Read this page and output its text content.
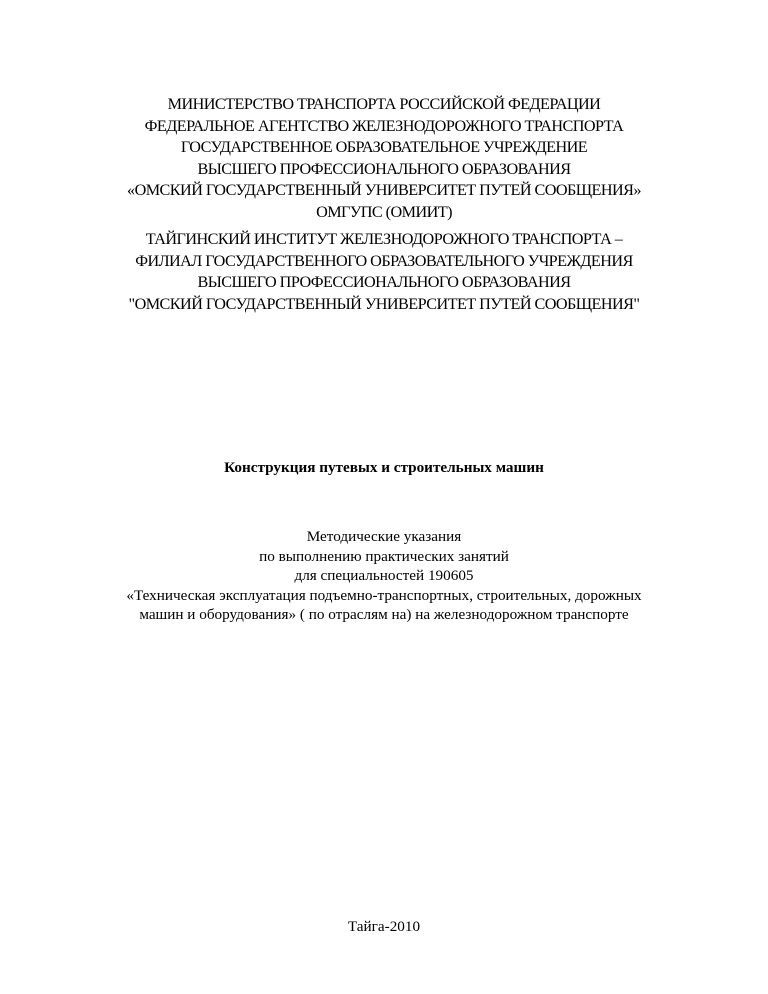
МИНИСТЕРСТВО ТРАНСПОРТА РОССИЙСКОЙ ФЕДЕРАЦИИ
ФЕДЕРАЛЬНОЕ АГЕНТСТВО ЖЕЛЕЗНОДОРОЖНОГО ТРАНСПОРТА
ГОСУДАРСТВЕННОЕ ОБРАЗОВАТЕЛЬНОЕ УЧРЕЖДЕНИЕ
ВЫСШЕГО ПРОФЕССИОНАЛЬНОГО ОБРАЗОВАНИЯ
«ОМСКИЙ ГОСУДАРСТВЕННЫЙ УНИВЕРСИТЕТ ПУТЕЙ СООБЩЕНИЯ»
ОМГУПС (ОМИИТ)
ТАЙГИНСКИЙ ИНСТИТУТ ЖЕЛЕЗНОДОРОЖНОГО ТРАНСПОРТА –
ФИЛИАЛ ГОСУДАРСТВЕННОГО ОБРАЗОВАТЕЛЬНОГО УЧРЕЖДЕНИЯ
ВЫСШЕГО ПРОФЕССИОНАЛЬНОГО ОБРАЗОВАНИЯ
"ОМСКИЙ ГОСУДАРСТВЕННЫЙ УНИВЕРСИТЕТ ПУТЕЙ СООБЩЕНИЯ"
Конструкция путевых и строительных машин
Методические указания
по выполнению практических занятий
для специальностей 190605
«Техническая эксплуатация подъемно-транспортных, строительных, дорожных
машин и оборудования» ( по отраслям на) на железнодорожном транспорте
Тайга-2010
